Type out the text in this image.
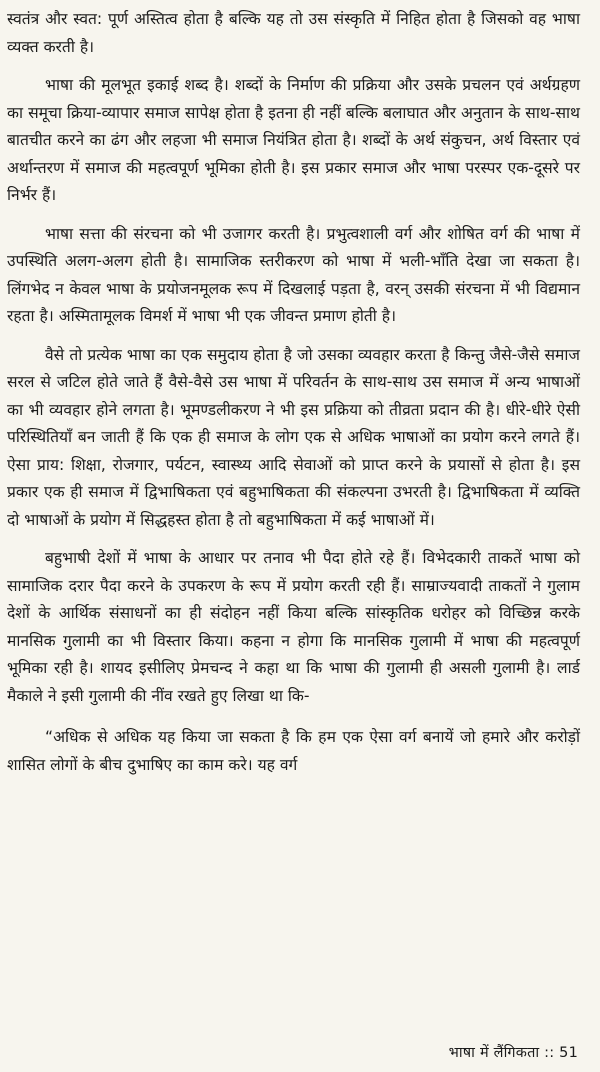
स्वतंत्र और स्वत: पूर्ण अस्तित्व होता है बल्कि यह तो उस संस्कृति में निहित होता है जिसको वह भाषा व्यक्त करती है।

भाषा की मूलभूत इकाई शब्द है। शब्दों के निर्माण की प्रक्रिया और उसके प्रचलन एवं अर्थग्रहण का समूचा क्रिया-व्यापार समाज सापेक्ष होता है इतना ही नहीं बल्कि बलाघात और अनुतान के साथ-साथ बातचीत करने का ढंग और लहजा भी समाज नियंत्रित होता है। शब्दों के अर्थ संकुचन, अर्थ विस्तार एवं अर्थान्तरण में समाज की महत्वपूर्ण भूमिका होती है। इस प्रकार समाज और भाषा परस्पर एक-दूसरे पर निर्भर हैं।

भाषा सत्ता की संरचना को भी उजागर करती है। प्रभुत्वशाली वर्ग और शोषित वर्ग की भाषा में उपस्थिति अलग-अलग होती है। सामाजिक स्तरीकरण को भाषा में भली-भाँति देखा जा सकता है। लिंगभेद न केवल भाषा के प्रयोजनमूलक रूप में दिखलाई पड़ता है, वरन् उसकी संरचना में भी विद्यमान रहता है। अस्मितामूलक विमर्श में भाषा भी एक जीवन्त प्रमाण होती है।

वैसे तो प्रत्येक भाषा का एक समुदाय होता है जो उसका व्यवहार करता है किन्तु जैसे-जैसे समाज सरल से जटिल होते जाते हैं वैसे-वैसे उस भाषा में परिवर्तन के साथ-साथ उस समाज में अन्य भाषाओं का भी व्यवहार होने लगता है। भूमण्डलीकरण ने भी इस प्रक्रिया को तीव्रता प्रदान की है। धीरे-धीरे ऐसी परिस्थितियाँ बन जाती हैं कि एक ही समाज के लोग एक से अधिक भाषाओं का प्रयोग करने लगते हैं। ऐसा प्राय: शिक्षा, रोजगार, पर्यटन, स्वास्थ्य आदि सेवाओं को प्राप्त करने के प्रयासों से होता है। इस प्रकार एक ही समाज में द्विभाषिकता एवं बहुभाषिकता की संकल्पना उभरती है। द्विभाषिकता में व्यक्ति दो भाषाओं के प्रयोग में सिद्धहस्त होता है तो बहुभाषिकता में कई भाषाओं में।

बहुभाषी देशों में भाषा के आधार पर तनाव भी पैदा होते रहे हैं। विभेदकारी ताकतें भाषा को सामाजिक दरार पैदा करने के उपकरण के रूप में प्रयोग करती रही हैं। साम्राज्यवादी ताकतों ने गुलाम देशों के आर्थिक संसाधनों का ही संदोहन नहीं किया बल्कि सांस्कृतिक धरोहर को विच्छिन्न करके मानसिक गुलामी का भी विस्तार किया। कहना न होगा कि मानसिक गुलामी में भाषा की महत्वपूर्ण भूमिका रही है। शायद इसीलिए प्रेमचन्द ने कहा था कि भाषा की गुलामी ही असली गुलामी है। लार्ड मैकाले ने इसी गुलामी की नींव रखते हुए लिखा था कि-

“अधिक से अधिक यह किया जा सकता है कि हम एक ऐसा वर्ग बनायें जो हमारे और करोड़ों शासित लोगों के बीच दुभाषिए का काम करे। यह वर्ग

भाषा में लैंगिकता :: 51
